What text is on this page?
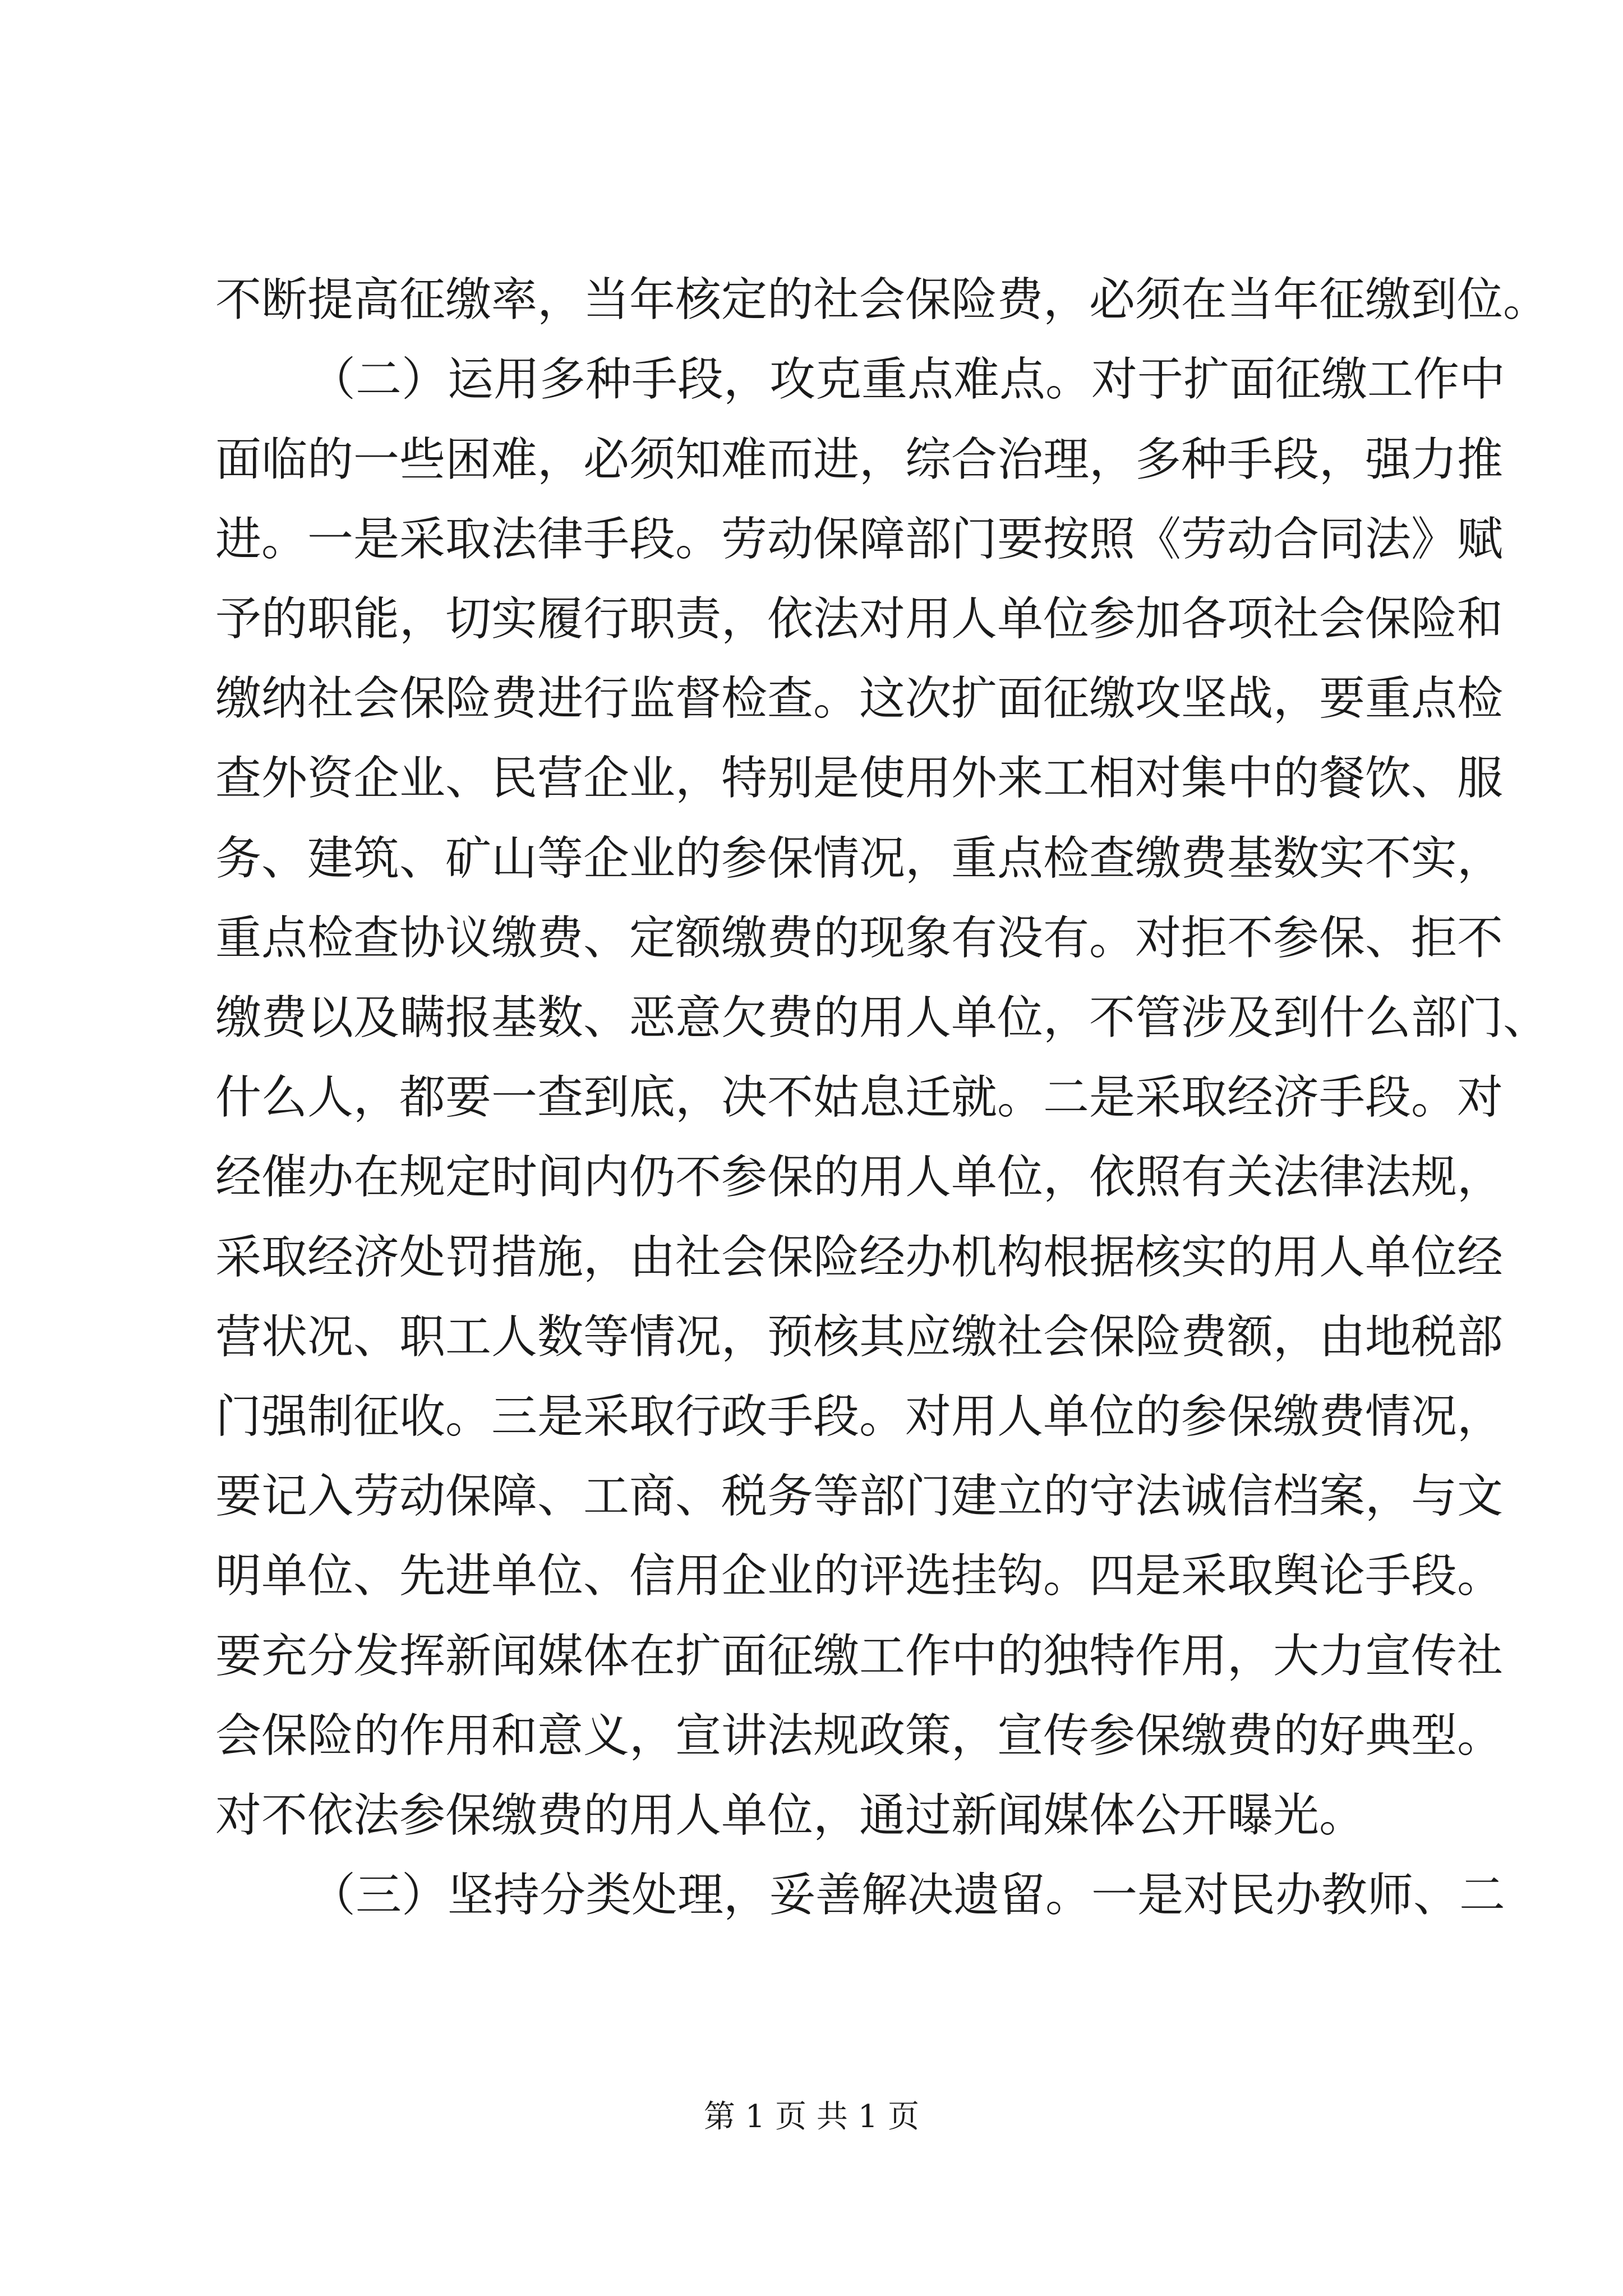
不断提高征缴率，当年核定的社会保险费，必须在当年征缴到位。
（二）运用多种手段，攻克重点难点。对于扩面征缴工作中
面临的一些困难，必须知难而进，综合治理，多种手段，强力推
进。一是采取法律手段。劳动保障部门要按照《劳动合同法》赋
予的职能，切实履行职责，依法对用人单位参加各项社会保险和
缴纳社会保险费进行监督检查。这次扩面征缴攻坚战，要重点检
查外资企业、民营企业，特别是使用外来工相对集中的餐饮、服
务、建筑、矿山等企业的参保情况，重点检查缴费基数实不实，
重点检查协议缴费、定额缴费的现象有没有。对拒不参保、拒不
缴费以及瞒报基数、恶意欠费的用人单位，不管涉及到什么部门、
什么人，都要一查到底，决不姑息迁就。二是采取经济手段。对
经催办在规定时间内仍不参保的用人单位，依照有关法律法规，
采取经济处罚措施，由社会保险经办机构根据核实的用人单位经
营状况、职工人数等情况，预核其应缴社会保险费额，由地税部
门强制征收。三是采取行政手段。对用人单位的参保缴费情况，
要记入劳动保障、工商、税务等部门建立的守法诚信档案，与文
明单位、先进单位、信用企业的评选挂钩。四是采取舆论手段。
要充分发挥新闻媒体在扩面征缴工作中的独特作用，大力宣传社
会保险的作用和意义，宣讲法规政策，宣传参保缴费的好典型。
对不依法参保缴费的用人单位，通过新闻媒体公开曝光。
（三）坚持分类处理，妥善解决遗留。一是对民办教师、二
第 1 页 共 1 页
